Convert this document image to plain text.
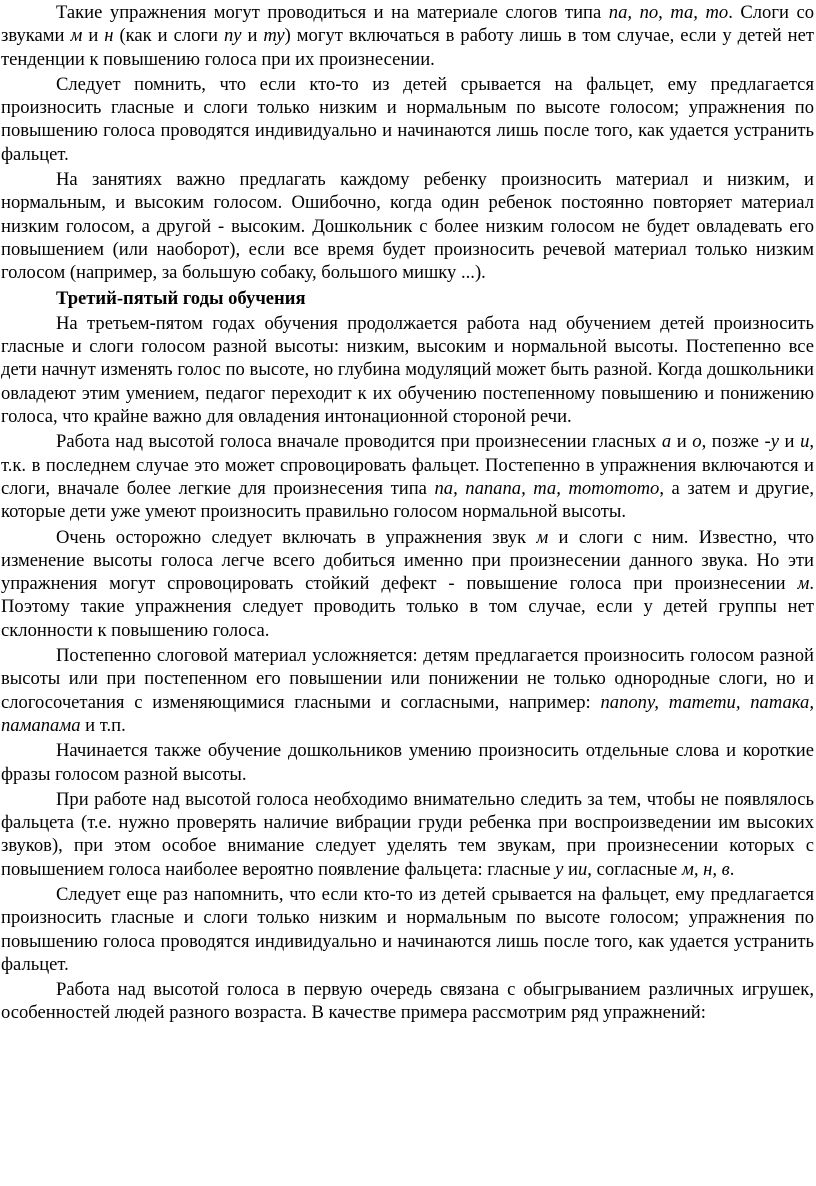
Такие упражнения могут проводиться и на материале слогов типа па, по, та, то. Слоги со звуками м и н (как и слоги пу и ту) могут включаться в работу лишь в том случае, если у детей нет тенденции к повышению голоса при их произнесении.

Следует помнить, что если кто-то из детей срывается на фальцет, ему предлагается произносить гласные и слоги только низким и нормальным по высоте голосом; упражнения по повышению голоса проводятся индивидуально и начинаются лишь после того, как удается устранить фальцет.

На занятиях важно предлагать каждому ребенку произносить материал и низким, и нормальным, и высоким голосом. Ошибочно, когда один ребенок постоянно повторяет материал низким голосом, а другой - высоким. Дошкольник с более низким голосом не будет овладевать его повышением (или наоборот), если все время будет произносить речевой материал только низким голосом (например, за большую собаку, большого мишку ...).

Третий-пятый годы обучения

На третьем-пятом годах обучения продолжается работа над обучением детей произносить гласные и слоги голосом разной высоты: низким, высоким и нормальной высоты. Постепенно все дети начнут изменять голос по высоте, но глубина модуляций может быть разной. Когда дошкольники овладеют этим умением, педагог переходит к их обучению постепенному повышению и понижению голоса, что крайне важно для овладения интонационной стороной речи.

Работа над высотой голоса вначале проводится при произнесении гласных а и о, позже -у и и, т.к. в последнем случае это может спровоцировать фальцет. Постепенно в упражнения включаются и слоги, вначале более легкие для произнесения типа па, папапа, та, тототото, а затем и другие, которые дети уже умеют произносить правильно голосом нормальной высоты.

Очень осторожно следует включать в упражнения звук м и слоги с ним. Известно, что изменение высоты голоса легче всего добиться именно при произнесении данного звука. Но эти упражнения могут спровоцировать стойкий дефект - повышение голоса при произнесении м. Поэтому такие упражнения следует проводить только в том случае, если у детей группы нет склонности к повышению голоса.

Постепенно слоговой материал усложняется: детям предлагается произносить голосом разной высоты или при постепенном его повышении или понижении не только однородные слоги, но и слогосочетания с изменяющимися гласными и согласными, например: папопу, татети, патака, памапама и т.п.

Начинается также обучение дошкольников умению произносить отдельные слова и короткие фразы голосом разной высоты.

При работе над высотой голоса необходимо внимательно следить за тем, чтобы не появлялось фальцета (т.е. нужно проверять наличие вибрации груди ребенка при воспроизведении им высоких звуков), при этом особое внимание следует уделять тем звукам, при произнесении которых с повышением голоса наиболее вероятно появление фальцета: гласные у ии, согласные м, н, в.

Следует еще раз напомнить, что если кто-то из детей срывается на фальцет, ему предлагается произносить гласные и слоги только низким и нормальным по высоте голосом; упражнения по повышению голоса проводятся индивидуально и начинаются лишь после того, как удается устранить фальцет.

Работа над высотой голоса в первую очередь связана с обыгрыванием различных игрушек, особенностей людей разного возраста. В качестве примера рассмотрим ряд упражнений:
